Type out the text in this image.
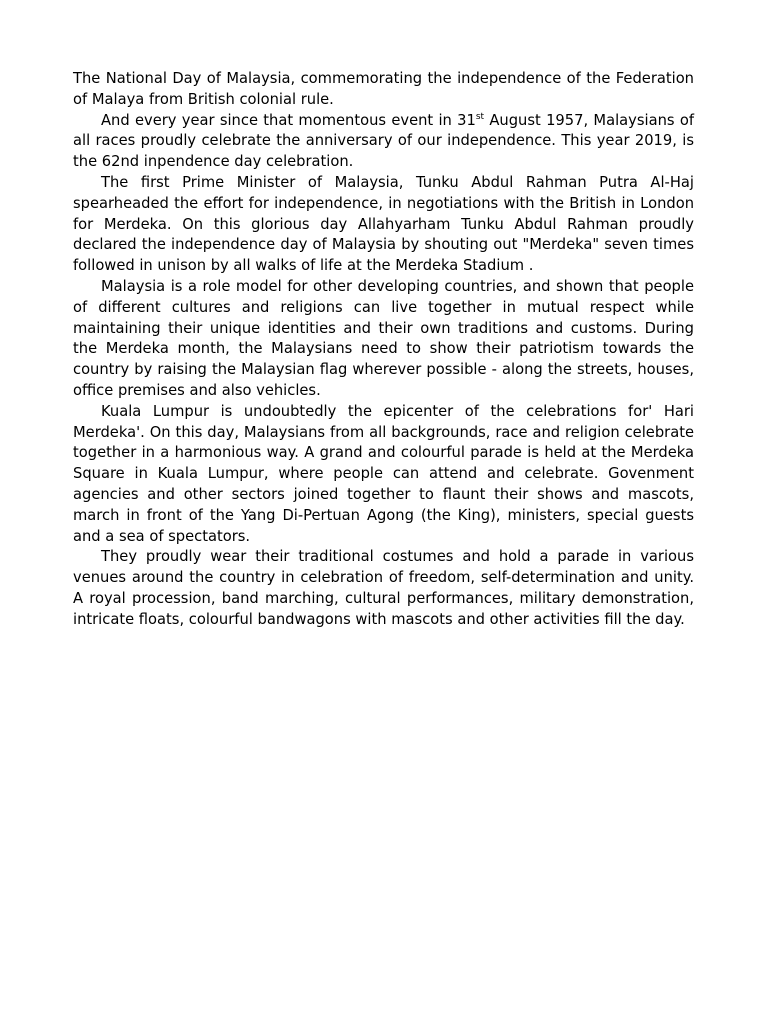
The National Day of Malaysia, commemorating the independence of the Federation of Malaya from British colonial rule.

And every year since that momentous event in 31st August 1957, Malaysians of all races proudly celebrate the anniversary of our independence. This year 2019, is the 62nd inpendence day celebration.

The first Prime Minister of Malaysia, Tunku Abdul Rahman Putra Al-Haj spearheaded the effort for independence, in negotiations with the British in London for Merdeka. On this glorious day Allahyarham Tunku Abdul Rahman proudly declared the independence day of Malaysia by shouting out "Merdeka" seven times followed in unison by all walks of life at the Merdeka Stadium .

Malaysia is a role model for other developing countries, and shown that people of different cultures and religions can live together in mutual respect while maintaining their unique identities and their own traditions and customs. During the Merdeka month, the Malaysians need to show their patriotism towards the country by raising the Malaysian flag wherever possible - along the streets, houses, office premises and also vehicles.

Kuala Lumpur is undoubtedly the epicenter of the celebrations for' Hari Merdeka'. On this day, Malaysians from all backgrounds, race and religion celebrate together in a harmonious way. A grand and colourful parade is held at the Merdeka Square in Kuala Lumpur, where people can attend and celebrate. Govenment agencies and other sectors joined together to flaunt their shows and mascots, march in front of the Yang Di-Pertuan Agong (the King), ministers, special guests and a sea of spectators.

They proudly wear their traditional costumes and hold a parade in various venues around the country in celebration of freedom, self-determination and unity. A royal procession, band marching, cultural performances, military demonstration, intricate floats, colourful bandwagons with mascots and other activities fill the day.
